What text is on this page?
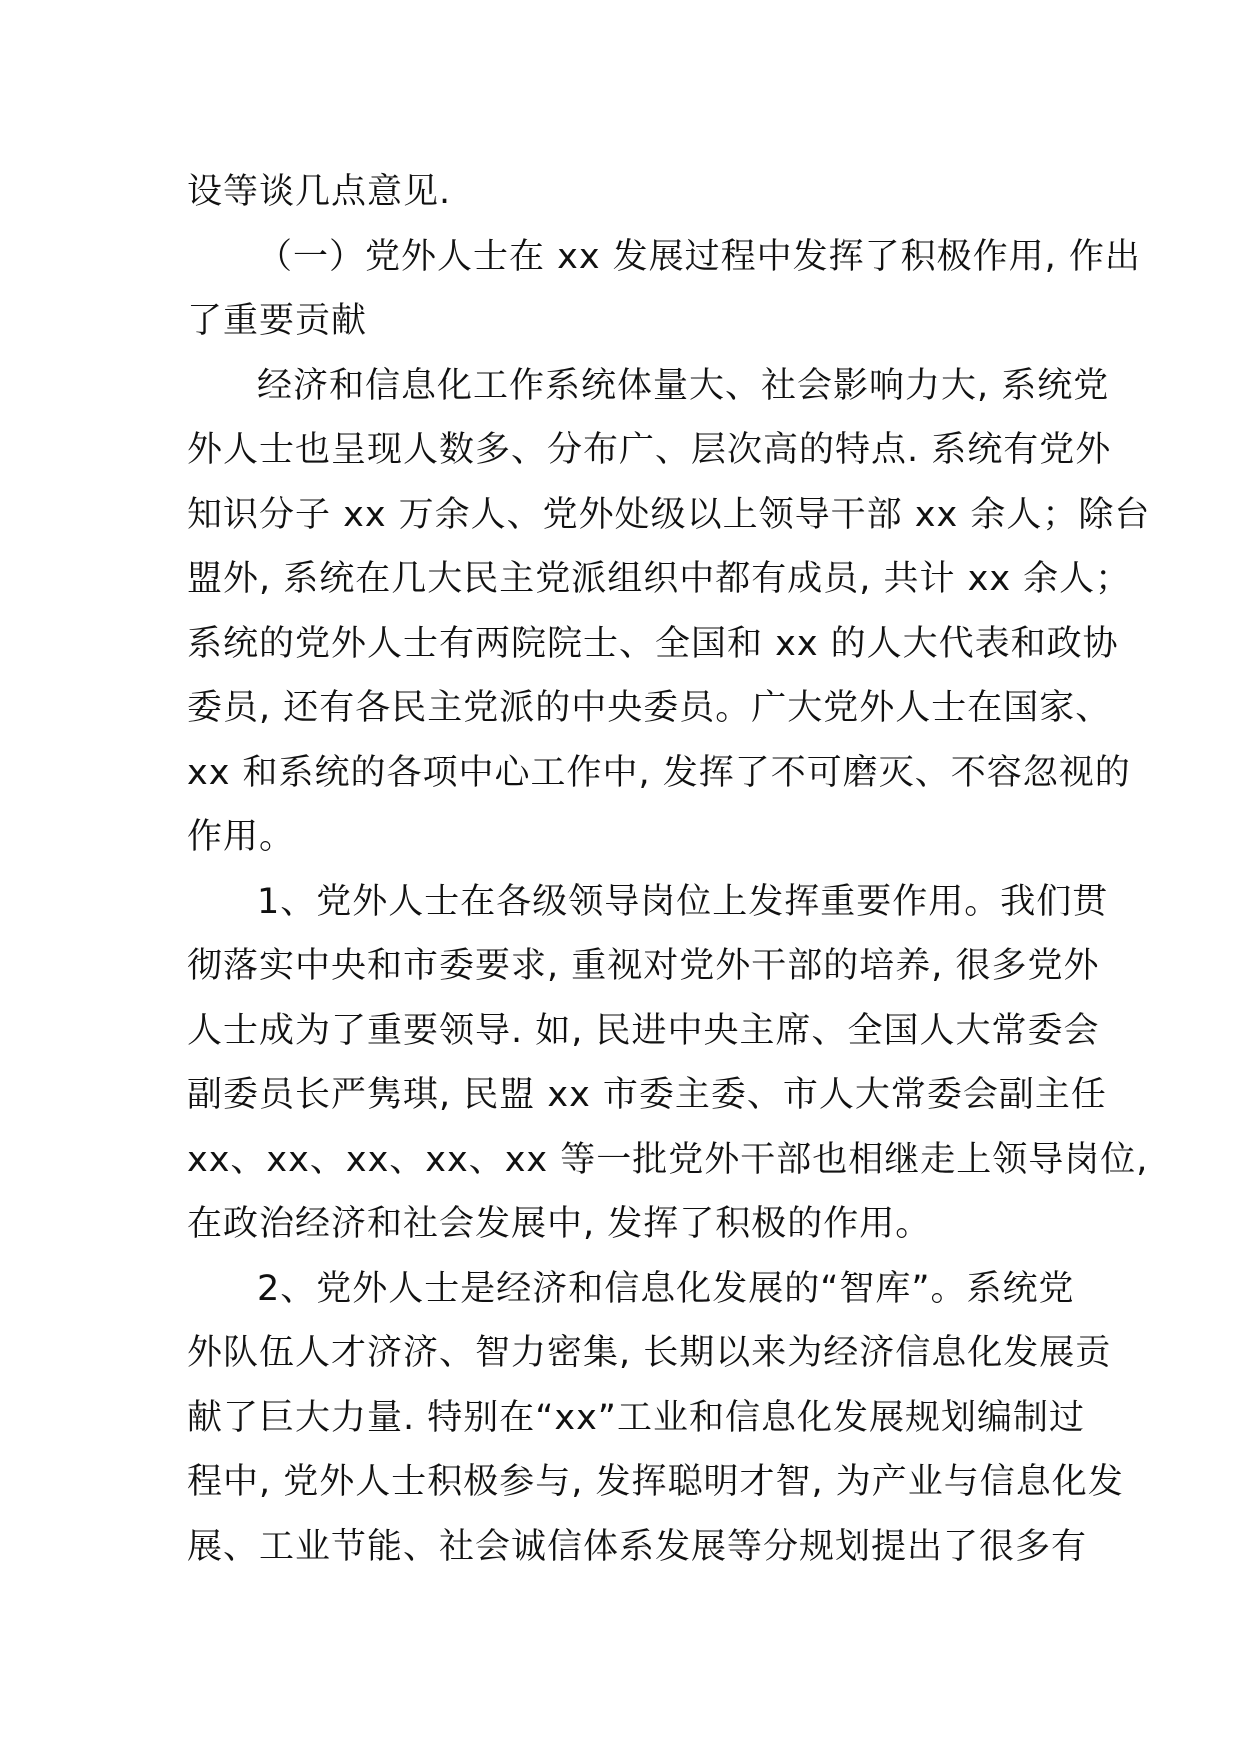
设等谈几点意见.
（一）党外人士在 xx 发展过程中发挥了积极作用, 作出
了重要贡献
经济和信息化工作系统体量大、社会影响力大, 系统党
外人士也呈现人数多、分布广、层次高的特点. 系统有党外
知识分子 xx 万余人、党外处级以上领导干部 xx 余人；除台
盟外, 系统在几大民主党派组织中都有成员, 共计 xx 余人；
系统的党外人士有两院院士、全国和 xx 的人大代表和政协
委员, 还有各民主党派的中央委员。广大党外人士在国家、
xx 和系统的各项中心工作中, 发挥了不可磨灭、不容忽视的
作用。
1、党外人士在各级领导岗位上发挥重要作用。我们贯
彻落实中央和市委要求, 重视对党外干部的培养, 很多党外
人士成为了重要领导. 如, 民进中央主席、全国人大常委会
副委员长严隽琪, 民盟 xx 市委主委、市人大常委会副主任
xx、xx、xx、xx、xx 等一批党外干部也相继走上领导岗位,
在政治经济和社会发展中, 发挥了积极的作用。
2、党外人士是经济和信息化发展的“智库”。系统党
外队伍人才济济、智力密集, 长期以来为经济信息化发展贡
献了巨大力量. 特别在“xx”工业和信息化发展规划编制过
程中, 党外人士积极参与, 发挥聪明才智, 为产业与信息化发
展、工业节能、社会诚信体系发展等分规划提出了很多有
